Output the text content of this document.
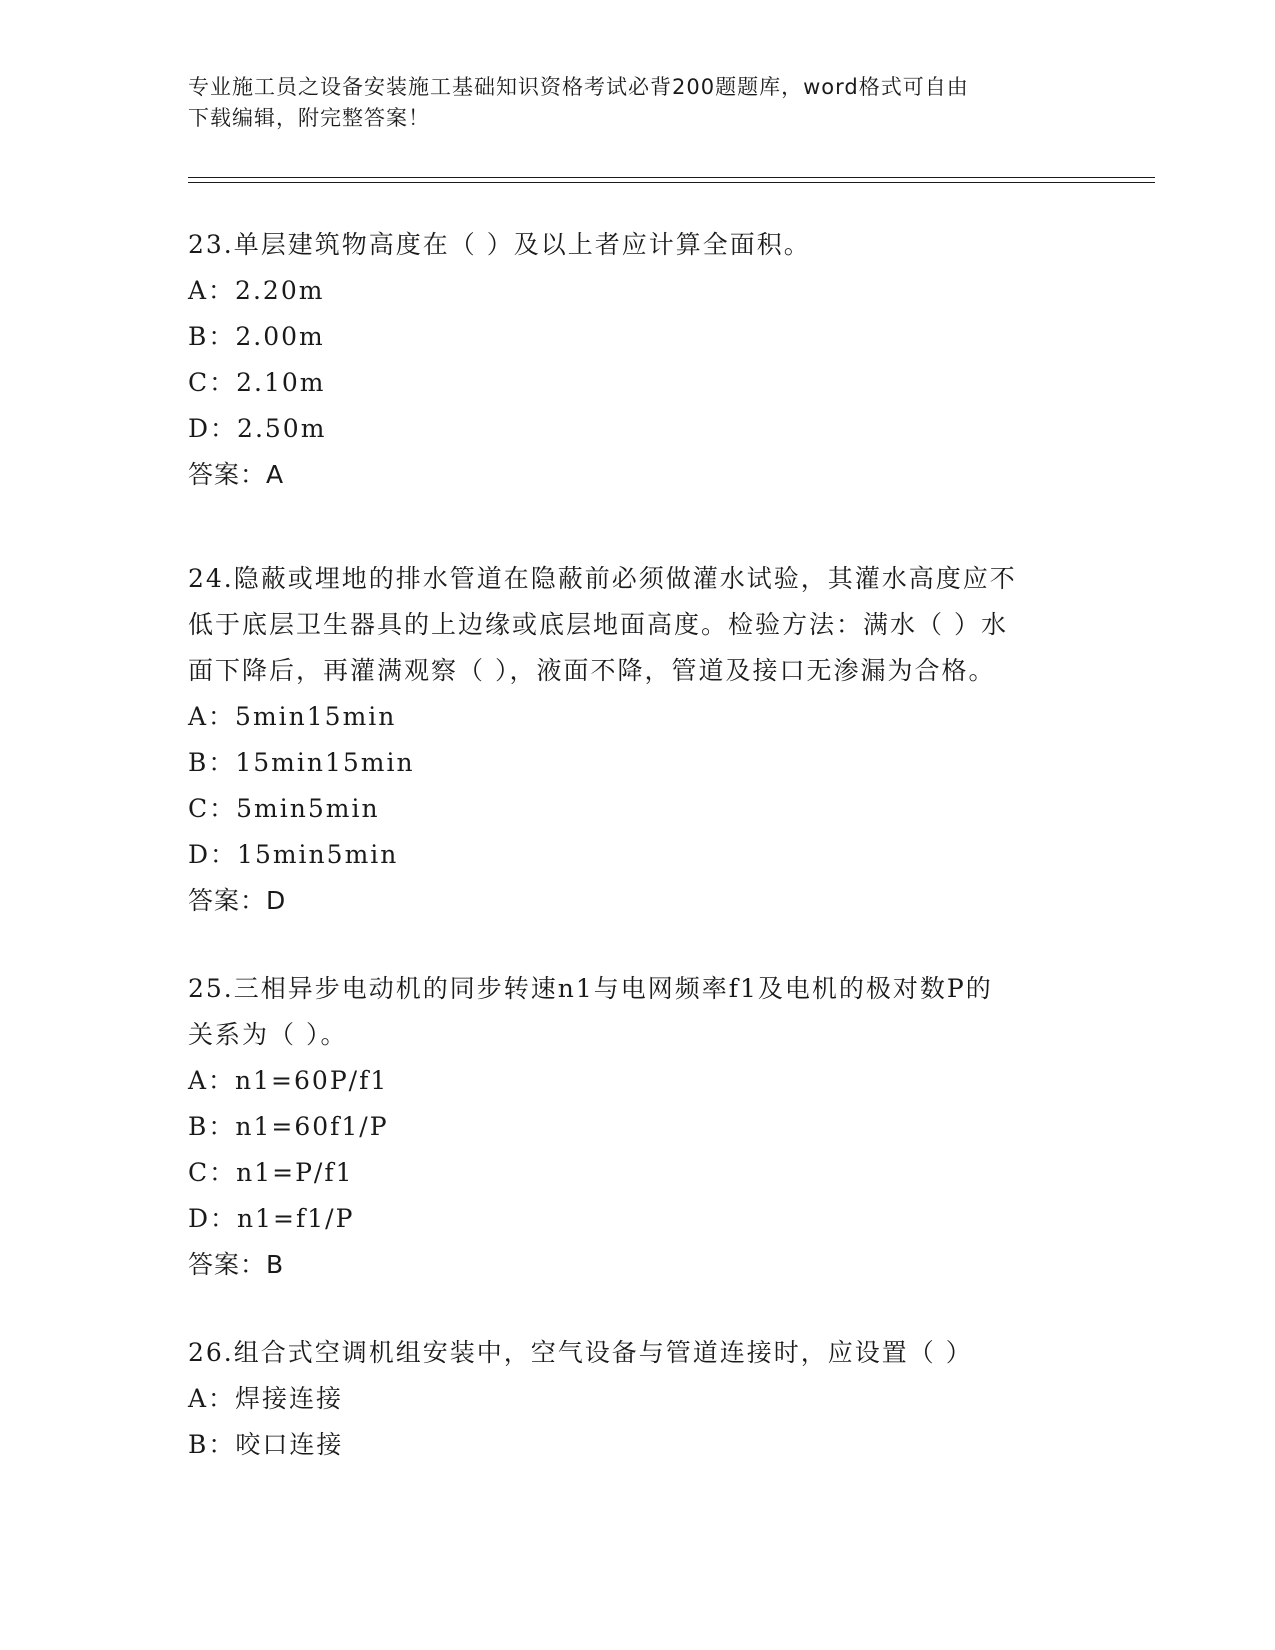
专业施工员之设备安装施工基础知识资格考试必背200题题库，word格式可自由
下载编辑，附完整答案！
23.单层建筑物高度在（ ）及以上者应计算全面积。
A：2.20m
B：2.00m
C：2.10m
D：2.50m
答案：A
24.隐蔽或埋地的排水管道在隐蔽前必须做灌水试验，其灌水高度应不
低于底层卫生器具的上边缘或底层地面高度。检验方法：满水（ ）水
面下降后，再灌满观察（ ），液面不降，管道及接口无渗漏为合格。
A：5min15min
B：15min15min
C：5min5min
D：15min5min
答案：D
25.三相异步电动机的同步转速n1与电网频率f1及电机的极对数P的
关系为（ ）。
A：n1=60P/f1
B：n1=60f1/P
C：n1=P/f1
D：n1=f1/P
答案：B
26.组合式空调机组安装中，空气设备与管道连接时，应设置（ ）
A：焊接连接
B：咬口连接
